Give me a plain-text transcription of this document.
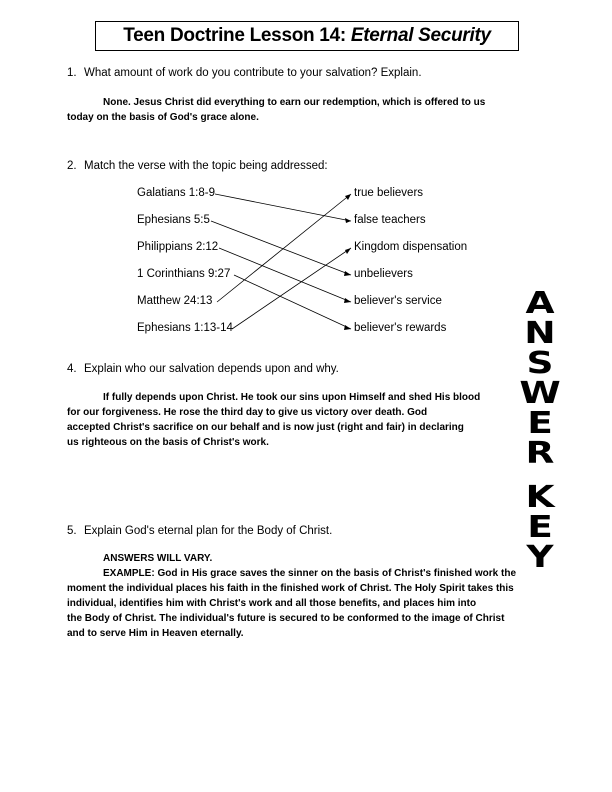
Teen Doctrine Lesson 14: Eternal Security
1. What amount of work do you contribute to your salvation? Explain.
None. Jesus Christ did everything to earn our redemption, which is offered to us
today on the basis of God's grace alone.
2. Match the verse with the topic being addressed:
Galatians 1:8-9
Ephesians 5:5
Philippians 2:12
1 Corinthians 9:27
Matthew 24:13
Ephesians 1:13-14
true believers
false teachers
Kingdom dispensation
unbelievers
believer's service
believer's rewards
4. Explain who our salvation depends upon and why.
If fully depends upon Christ. He took our sins upon Himself and shed His blood
for our forgiveness. He rose the third day to give us victory over death. God
accepted Christ's sacrifice on our behalf and is now just (right and fair) in declaring
us righteous on the basis of Christ's work.
5. Explain God's eternal plan for the Body of Christ.
ANSWERS WILL VARY.
EXAMPLE: God in His grace saves the sinner on the basis of Christ's finished work the
moment the individual places his faith in the finished work of Christ. The Holy Spirit takes this
individual, identifies him with Christ's work and all those benefits, and places him into
the Body of Christ. The individual's future is secured to be conformed to the image of Christ
and to serve Him in Heaven eternally.
A
N
S
W
E
R
K
E
Y
